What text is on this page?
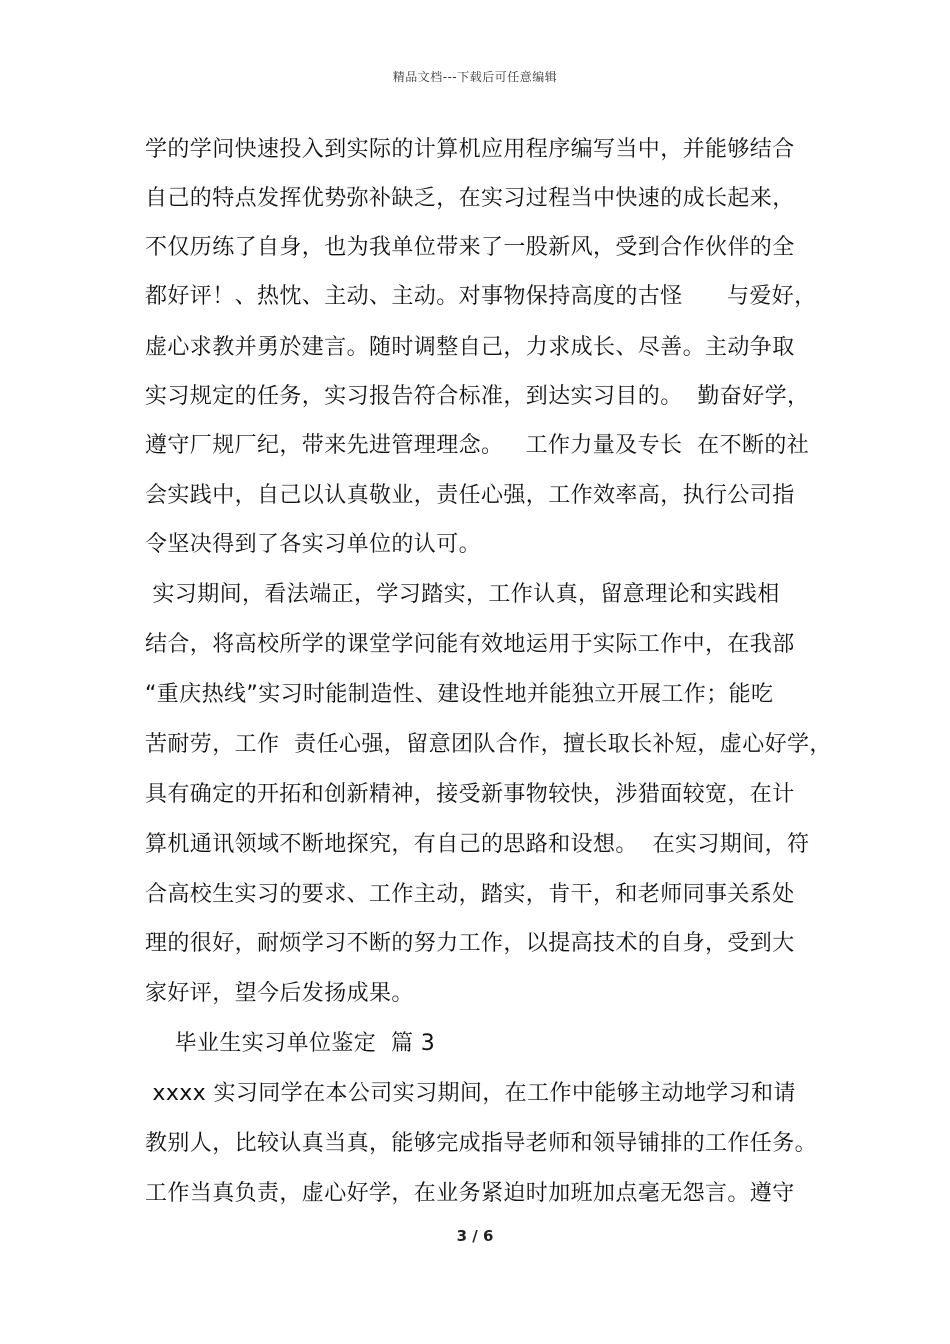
精品文档---下载后可任意编辑
学的学问快速投入到实际的计算机应用程序编写当中，并能够结合
自己的特点发挥优势弥补缺乏，在实习过程当中快速的成长起来，
不仅历练了自身，也为我单位带来了一股新风，受到合作伙伴的全
都好评！、热忱、主动、主动。对事物保持高度的古怪      与爱好，
虚心求教并勇於建言。随时调整自己，力求成长、尽善。主动争取
实习规定的任务，实习报告符合标准，到达实习目的。  勤奋好学，
遵守厂规厂纪，带来先进管理理念。   工作力量及专长  在不断的社
会实践中，自己以认真敬业，责任心强，工作效率高，执行公司指
令坚决得到了各实习单位的认可。
实习期间，看法端正，学习踏实，工作认真，留意理论和实践相
结合，将高校所学的课堂学问能有效地运用于实际工作中，在我部
“重庆热线”实习时能制造性、建设性地并能独立开展工作；能吃
苦耐劳，工作  责任心强，留意团队合作，擅长取长补短，虚心好学，
具有确定的开拓和创新精神，接受新事物较快，涉猎面较宽，在计
算机通讯领域不断地探究，有自己的思路和设想。  在实习期间，符
合高校生实习的要求、工作主动，踏实，肯干，和老师同事关系处
理的很好，耐烦学习不断的努力工作，以提高技术的自身，受到大
家好评，望今后发扬成果。
毕业生实习单位鉴定  篇 3
xxxx 实习同学在本公司实习期间，在工作中能够主动地学习和请
教别人，比较认真当真，能够完成指导老师和领导铺排的工作任务。
工作当真负责，虚心好学，在业务紧迫时加班加点毫无怨言。遵守
3 / 6
